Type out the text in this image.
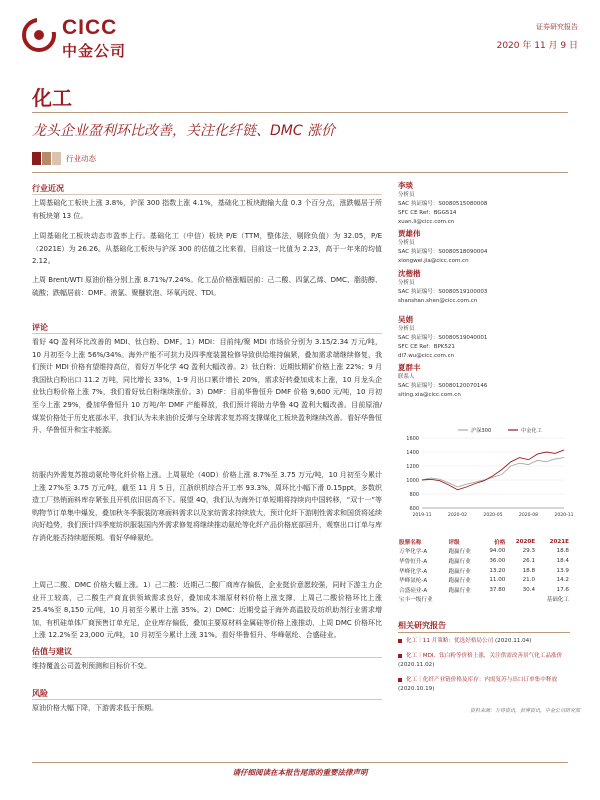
CICC
中金公司
证券研究报告
2020 年 11 月 9 日
化工
龙头企业盈利环比改善，关注化纤链、DMC 涨价
行业动态
行业近况
上周基础化工板块上涨 3.8%，沪深 300 指数上涨 4.1%，基础化工板块跑输大盘 0.3 个百分点，涨跌幅居于所有板块第 13 位。
上周基础化工板块动态市盈率上行。基础化工（中信）板块 P/E（TTM，整体法，剔除负值）为 32.05，P/E（2021E）为 26.26。从基础化工板块与沪深 300 的估值之比来看，目前这一比值为 2.23，高于一年来的均值 2.12。
上周 Brent/WTI 原油价格分别上涨 8.71%/7.24%。化工品价格涨幅居前：己二酸、四氯乙烯、DMC、脂肪醇、硫酸；跌幅居前：DMF、液氯、聚醚软泡、环氧丙烷、TDI。
评论
看好 4Q 盈利环比改善的 MDI、钛白粉、DMF。1）MDI：目前纯/聚 MDI 市场价分别为 3.15/2.34 万元/吨，10 月初至今上涨 56%/34%。海外产能不可抗力及四季度装置检修导致供给维持偏紧，叠加需求端继续修复，我们预计 MDI 价格有望维持高位，看好万华化学 4Q 盈利大幅改善。2）钛白粉：近期钛精矿价格上涨 22%；9 月我国钛白粉出口 11.2 万吨，同比增长 33%，1-9 月出口累计增长 20%，需求好转叠加成本上涨，10 月龙头企业钛白粉价格上涨 7%，我们看好钛白粉继续涨价。3）DMF：目前华鲁恒升 DMF 价格 9,600 元/吨，10 月初至今上涨 29%，叠加华鲁恒升 10 万吨/年 DMF 产能释放，我们预计将助力华鲁 4Q 盈利大幅改善。目前原油/煤炭价格处于历史底部水平，我们认为未来油价反弹与全球需求复苏将支撑煤化工板块盈利继续改善。看好华鲁恒升、华鲁恒升和宝丰能源。
纺服内外需复苏推动氨纶等化纤价格上涨。上周氨纶（40D）价格上涨 8.7%至 3.75 万元/吨，10 月初至今累计上涨 27%至 3.75 万元/吨，截至 11 月 5 日，江浙织机综合开工率 93.3%，周环比小幅下滑 0.15ppt，多数织造工厂热销面料库存紧张且开机依旧居高不下。展望 4Q，我们认为海外订单短期将持续向中国转移，“双十一”等购物节订单集中爆发，叠加秋冬季服装防寒面料需求以及家纺需求持续放大，预计化纤下游刚性需求和国货将延续向好趋势，我们预计四季度纺织服装国内外需求修复将继续推动氨纶等化纤产品价格底部回升，观察出口订单与库存消化能否持续超预期。看好华峰氨纶。
上周己二酸、DMC 价格大幅上涨。1）己二酸：近期己二酸厂商库存偏低，企业挺价意愿较强，同时下游主力企业开工较高，己二酸生产商直供领域需求良好，叠加成本端原材料价格上涨支撑，上周己二酸价格环比上涨 25.4%至 8,150 元/吨，10 月初至今累计上涨 35%。2）DMC：近期受益于海外高温胶及纺织助剂行业需求增加，有机硅单体厂商预售订单充足，企业库存偏低，叠加主要原材料金属硅等价格上涨推动，上周 DMC 价格环比上涨 12.2%至 23,000 元/吨，10 月初至今累计上涨 31%。看好华鲁恒升、华峰氨纶、合盛硅业。
估值与建议
维持覆盖公司盈利预测和目标价不变。
风险
原油价格大幅下降，下游需求低于预期。
李琰
分析员
SAC 执证编号：S0080515080008
SFC CE Ref：BGG514
xuan.li@cicc.com.cn
贾雄伟
分析员
SAC 执证编号：S0080518090004
xiongwei.jia@cicc.com.cn
沈楷楷
分析员
SAC 执证编号：S0080519100003
shanshan.shen@cicc.com.cn
吴娟
分析员
SAC 执证编号：S0080519040001
SFC CE Ref：BPK521
di7.wu@cicc.com.cn
夏群丰
联系人
SAC 执证编号：S0080120070146
siting.xia@cicc.com.cn
600
800
1000
1200
1400
1600
2019-11	2020-02	2020-05	2020-08	2020-11
沪深300	中金化工
股票名称	评级	价格	2020E	2021E
万华化学-A	跑赢行业	94.00	29.3	18.8
华鲁恒升-A	跑赢行业	36.00	26.1	18.4
华峰化学-A	跑赢行业	13.20	18.8	13.9
华峰氨纶-A	跑赢行业	11.00	21.0	14.2
合盛硅业-A	跑赢行业	37.80	30.4	17.6
宝丰一级行业				基础化工
相关研究报告
化工｜11 月策略：优选好格局公司 (2020.11.04)
化工｜MDI、钛白粉等价格上涨，关注供需改善景气化工品涨价 (2020.11.02)
化工｜化纤产业链价格及库存：内需复苏与出口订单集中释放 (2020.10.19)
资料来源：万得资讯，彭博资讯，中金公司研究部
请仔细阅读在本报告尾部的重要法律声明
